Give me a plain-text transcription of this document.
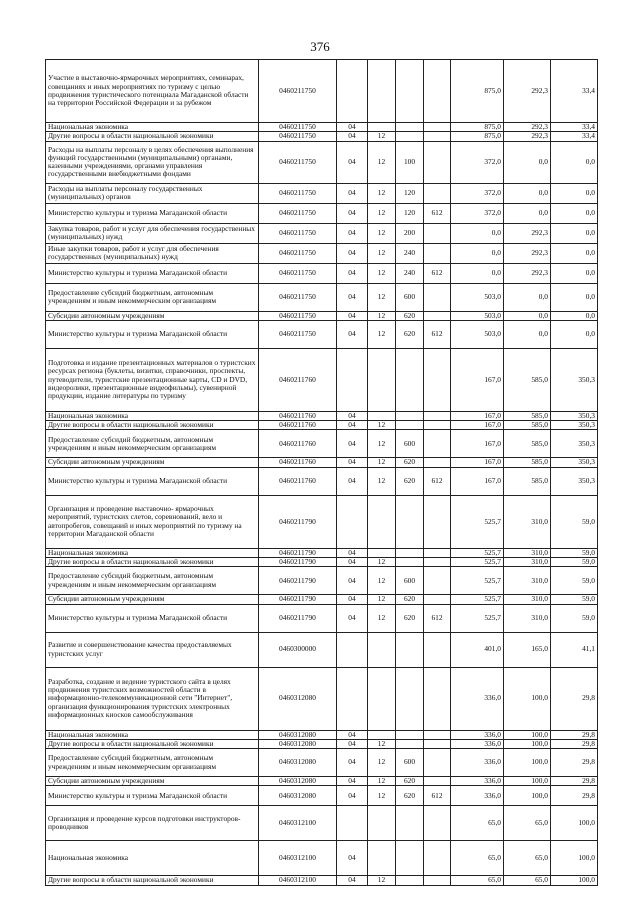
376
Участие в выставочно-ярмарочных мероприятиях, семинарах, совещаниях и иных мероприятиях по туризму с целью продвижения туристического потенциала Магаданской области на территории Российской Федерации и за рубежом	0460211750					875,0	292,3	33,4
Национальная экономика	0460211750	04				875,0	292,3	33,4
Другие вопросы в области национальной экономики	0460211750	04	12			875,0	292,3	33,4
Расходы на выплаты персоналу в целях обеспечения выполнения функций государственными (муниципальными) органами, казенными учреждениями, органами управления государственными внебюджетными фондами	0460211750	04	12	100		372,0	0,0	0,0
Расходы на выплаты персоналу государственных (муниципальных) органов	0460211750	04	12	120		372,0	0,0	0,0
Министерство культуры и туризма Магаданской области	0460211750	04	12	120	612	372,0	0,0	0,0
Закупка товаров, работ и услуг для обеспечения государственных (муниципальных) нужд	0460211750	04	12	200		0,0	292,3	0,0
Иные закупки товаров, работ и услуг для обеспечения государственных (муниципальных) нужд	0460211750	04	12	240		0,0	292,3	0,0
Министерство культуры и туризма Магаданской области	0460211750	04	12	240	612	0,0	292,3	0,0
Предоставление субсидий бюджетным, автономным учреждениям и иным некоммерческим организациям	0460211750	04	12	600		503,0	0,0	0,0
Субсидии автономным учреждениям	0460211750	04	12	620		503,0	0,0	0,0
Министерство культуры и туризма Магаданской области	0460211750	04	12	620	612	503,0	0,0	0,0
Подготовка и издание презентационных материалов о туристских ресурсах региона (буклеты, визитки, справочники, проспекты, путеводители, туристские презентационные карты, CD и DVD, видеоролики, презентационные видеофильмы), сувенирной продукции, издание литературы по туризму	0460211760					167,0	585,0	350,3
Национальная экономика	0460211760	04				167,0	585,0	350,3
Другие вопросы в области национальной экономики	0460211760	04	12			167,0	585,0	350,3
Предоставление субсидий бюджетным, автономным учреждениям и иным некоммерческим организациям	0460211760	04	12	600		167,0	585,0	350,3
Субсидии автономным учреждениям	0460211760	04	12	620		167,0	585,0	350,3
Министерство культуры и туризма Магаданской области	0460211760	04	12	620	612	167,0	585,0	350,3
Организация и проведение выставочно- ярмарочных мероприятий, туристских слетов, соревнований, вело и автопробегов, совещаний и иных мероприятий по туризму на территории Магаданской области	0460211790					525,7	310,0	59,0
Национальная экономика	0460211790	04				525,7	310,0	59,0
Другие вопросы в области национальной экономики	0460211790	04	12			525,7	310,0	59,0
Предоставление субсидий бюджетным, автономным учреждениям и иным некоммерческим организациям	0460211790	04	12	600		525,7	310,0	59,0
Субсидии автономным учреждениям	0460211790	04	12	620		525,7	310,0	59,0
Министерство культуры и туризма Магаданской области	0460211790	04	12	620	612	525,7	310,0	59,0
Развитие и совершенствование качества предоставляемых туристских услуг	0460300000					401,0	165,0	41,1
Разработка, создание и ведение туристского сайта в целях продвижения туристских возможностей области в информационно-телекоммуникационной сети "Интернет", организация функционирования туристских электронных информационных киосков самообслуживания	0460312080					336,0	100,0	29,8
Национальная экономика	0460312080	04				336,0	100,0	29,8
Другие вопросы в области национальной экономики	0460312080	04	12			336,0	100,0	29,8
Предоставление субсидий бюджетным, автономным учреждениям и иным некоммерческим организациям	0460312080	04	12	600		336,0	100,0	29,8
Субсидии автономным учреждениям	0460312080	04	12	620		336,0	100,0	29,8
Министерство культуры и туризма Магаданской области	0460312080	04	12	620	612	336,0	100,0	29,8
Организация и проведение курсов подготовки инструкторов-проводников	0460312100					65,0	65,0	100,0
Национальная экономика	0460312100	04				65,0	65,0	100,0
Другие вопросы в области национальной экономики	0460312100	04	12			65,0	65,0	100,0
